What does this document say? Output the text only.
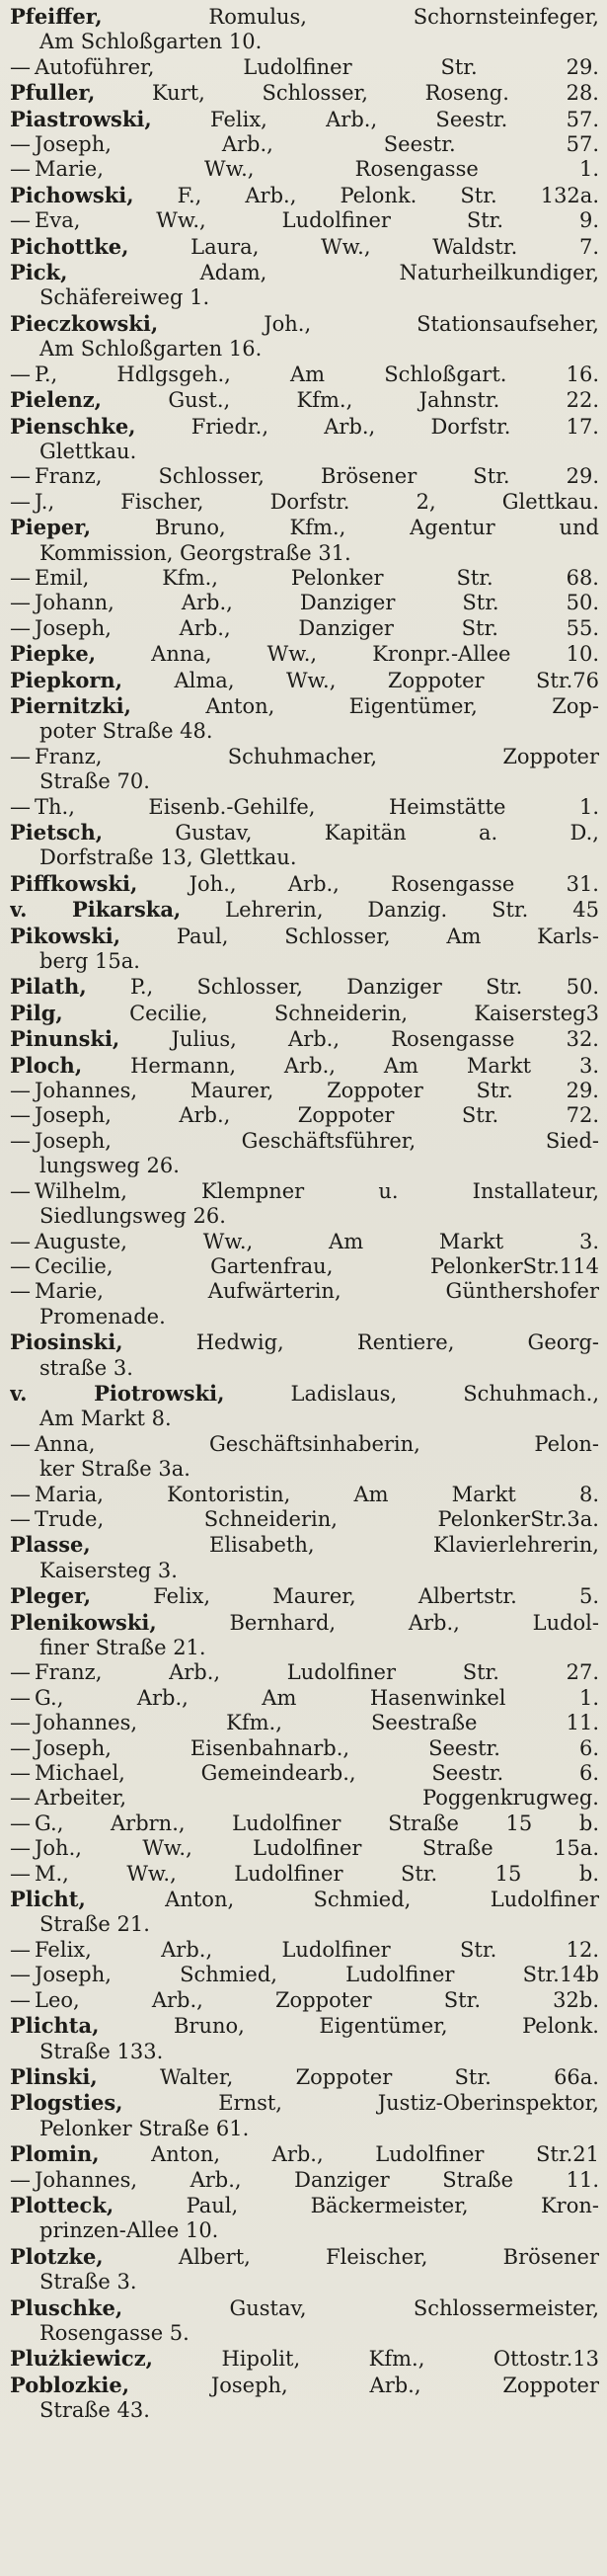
Pfeiffer,	Romulus, Schornsteinfeger,
Am Schloßgarten 10.
— Autoführer, Ludolfiner Str. 29.
Pfuller,	Kurt, Schlosser, Roseng. 28.
Piastrowski,	Felix, Arb., Seestr. 57.
— Joseph, Arb., Seestr. 57.
— Marie, Ww., Rosengasse 1.
Pichowski, F., Arb., Pelonk. Str. 132a.
— Eva, Ww., Ludolfiner Str. 9.
Pichottke,	Laura, Ww., Waldstr. 7.
Pick,	Adam, Naturheilkundiger,
Schäfereiweg 1.
Pieczkowski,	Joh., Stationsaufseher,
Am Schloßgarten 16.
— P., Hdlgsgeh., Am Schloßgart. 16.
Pielenz,	Gust., Kfm., Jahnstr. 22.
Pienschke,	Friedr., Arb., Dorfstr. 17.
Glettkau.
— Franz, Schlosser, Brösener Str. 29.
— J., Fischer, Dorfstr. 2, Glettkau.
Pieper,	Bruno, Kfm., Agentur und
Kommission, Georgstraße 31.
— Emil, Kfm., Pelonker Str. 68.
— Johann, Arb., Danziger Str. 50.
— Joseph, Arb., Danziger Str. 55.
Piepke,	Anna, Ww., Kronpr.-Allee 10.
Piepkorn, Alma, Ww., Zoppoter Str.76
Piernitzki,	Anton, Eigentümer, Zop-
poter Straße 48.
— Franz, Schuhmacher, Zoppoter
Straße 70.
— Th., Eisenb.-Gehilfe, Heimstätte 1.
Pietsch,	Gustav, Kapitän a. D.,
Dorfstraße 13, Glettkau.
Piffkowski, Joh., Arb., Rosengasse 31.
v. Pikarska, Lehrerin, Danzig. Str. 45
Pikowski,	Paul, Schlosser, Am Karls-
berg 15a.
Pilath, P., Schlosser, Danziger Str. 50.
Pilg,	Cecilie, Schneiderin, Kaisersteg3
Pinunski, Julius, Arb., Rosengasse 32.
Ploch, Hermann, Arb., Am Markt 3.
— Johannes, Maurer, Zoppoter Str. 29.
— Joseph, Arb., Zoppoter Str. 72.
— Joseph, Geschäftsführer, Sied-
lungsweg 26.
— Wilhelm, Klempner u. Installateur,
Siedlungsweg 26.
— Auguste, Ww., Am Markt 3.
— Cecilie, Gartenfrau, PelonkerStr.114
— Marie, Aufwärterin, Günthershofer
Promenade.
Piosinski,	Hedwig, Rentiere, Georg-
straße 3.
v. Piotrowski,	Ladislaus, Schuhmach.,
Am Markt 8.
— Anna, Geschäftsinhaberin, Pelon-
ker Straße 3a.
— Maria, Kontoristin, Am Markt 8.
— Trude, Schneiderin, PelonkerStr.3a.
Plasse,	Elisabeth, Klavierlehrerin,
Kaisersteg 3.
Pleger,	Felix, Maurer, Albertstr. 5.
Plenikowski,	Bernhard, Arb., Ludol-
finer Straße 21.
— Franz, Arb., Ludolfiner Str. 27.
— G., Arb., Am Hasenwinkel 1.
— Johannes, Kfm., Seestraße 11.
— Joseph, Eisenbahnarb., Seestr. 6.
— Michael, Gemeindearb., Seestr. 6.
— Arbeiter, Poggenkrugweg.
— G., Arbrn., Ludolfiner Straße 15 b.
— Joh., Ww., Ludolfiner Straße 15a.
— M., Ww., Ludolfiner Str. 15 b.
Plicht,	Anton, Schmied, Ludolfiner
Straße 21.
— Felix, Arb., Ludolfiner Str. 12.
— Joseph, Schmied, Ludolfiner Str.14b
— Leo, Arb., Zoppoter Str. 32b.
Plichta,	Bruno, Eigentümer, Pelonk.
Straße 133.
Plinski,	Walter, Zoppoter Str. 66a.
Plogsties,	Ernst, Justiz-Oberinspektor,
Pelonker Straße 61.
Plomin,	Anton, Arb., Ludolfiner Str.21
— Johannes, Arb., Danziger Straße 11.
Plotteck,	Paul, Bäckermeister, Kron-
prinzen-Allee 10.
Plotzke,	Albert, Fleischer, Brösener
Straße 3.
Pluschke,	Gustav, Schlossermeister,
Rosengasse 5.
Plużkiewicz,	Hipolit, Kfm., Ottostr.13
Poblozkie,	Joseph, Arb., Zoppoter
Straße 43.
